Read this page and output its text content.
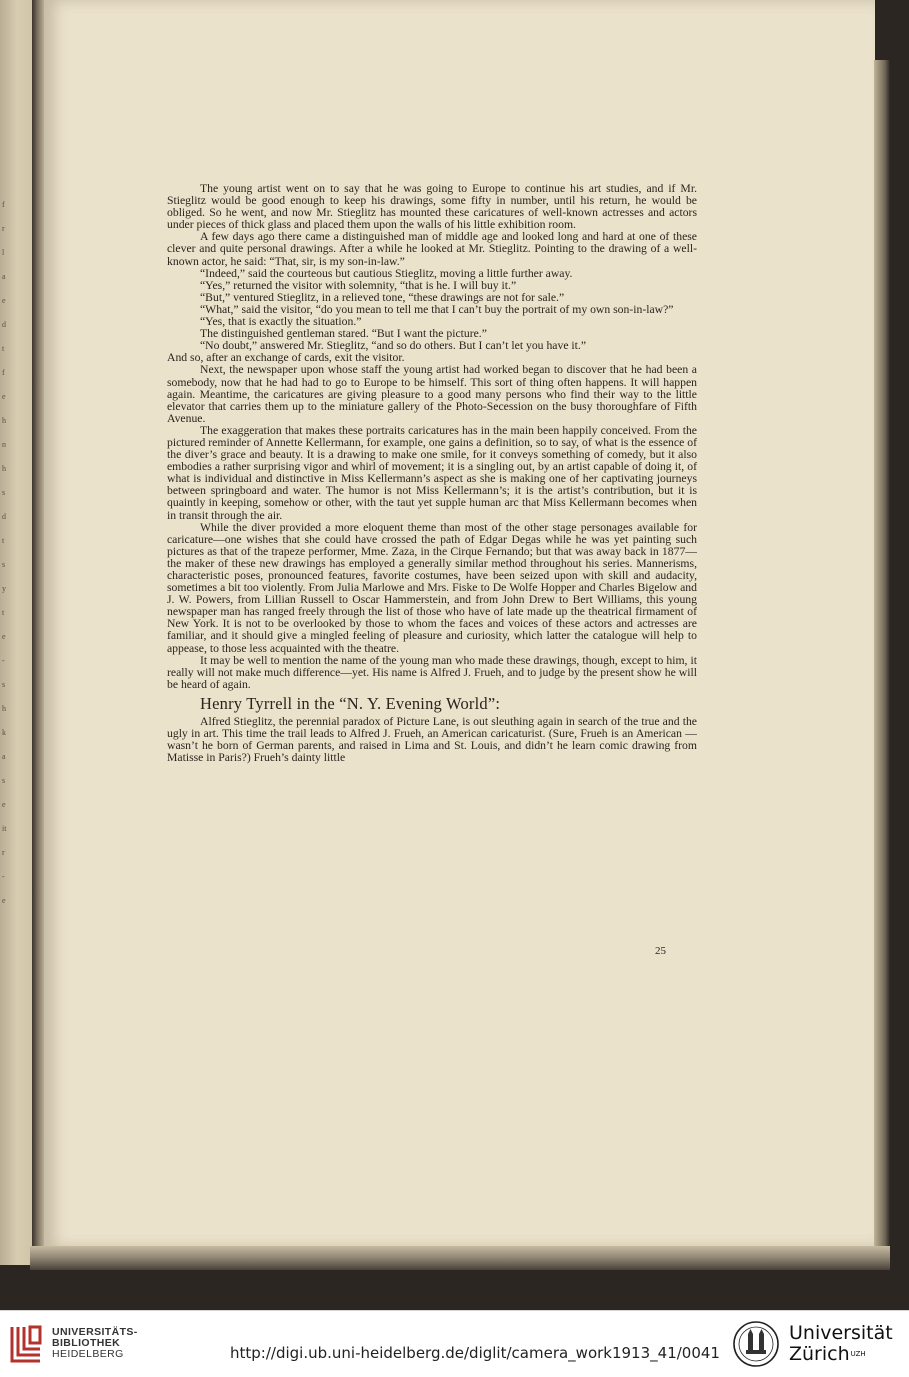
f
r
l
a
e
d
t
f
e
h
n
h
s
d
t
s
y
t
e
-
s
h
k
a
s
e
it
r
-
e

The young artist went on to say that he was going to Europe to continue his art studies, and if Mr. Stieglitz would be good enough to keep his drawings, some fifty in number, until his return, he would be obliged. So he went, and now Mr. Stieglitz has mounted these caricatures of well-known actresses and actors under pieces of thick glass and placed them upon the walls of his little exhibition room.

A few days ago there came a distinguished man of middle age and looked long and hard at one of these clever and quite personal drawings. After a while he looked at Mr. Stieglitz. Pointing to the drawing of a well-known actor, he said: “That, sir, is my son-in-law.”

“Indeed,” said the courteous but cautious Stieglitz, moving a little further away.

“Yes,” returned the visitor with solemnity, “that is he. I will buy it.”

“But,” ventured Stieglitz, in a relieved tone, “these drawings are not for sale.”

“What,” said the visitor, “do you mean to tell me that I can’t buy the portrait of my own son-in-law?”

“Yes, that is exactly the situation.”

The distinguished gentleman stared. “But I want the picture.”

“No doubt,” answered Mr. Stieglitz, “and so do others. But I can’t let you have it.”

And so, after an exchange of cards, exit the visitor.

Next, the newspaper upon whose staff the young artist had worked began to discover that he had been a somebody, now that he had had to go to Europe to be himself. This sort of thing often happens. It will happen again. Meantime, the caricatures are giving pleasure to a good many persons who find their way to the little elevator that carries them up to the miniature gallery of the Photo-Secession on the busy thoroughfare of Fifth Avenue.

The exaggeration that makes these portraits caricatures has in the main been happily conceived. From the pictured reminder of Annette Kellermann, for example, one gains a definition, so to say, of what is the essence of the diver’s grace and beauty. It is a drawing to make one smile, for it conveys something of comedy, but it also embodies a rather surprising vigor and whirl of movement; it is a singling out, by an artist capable of doing it, of what is individual and distinctive in Miss Kellermann’s aspect as she is making one of her captivating journeys between springboard and water. The humor is not Miss Kellermann’s; it is the artist’s contribution, but it is quaintly in keeping, somehow or other, with the taut yet supple human arc that Miss Kellermann becomes when in transit through the air.

While the diver provided a more eloquent theme than most of the other stage personages available for caricature—one wishes that she could have crossed the path of Edgar Degas while he was yet painting such pictures as that of the trapeze performer, Mme. Zaza, in the Cirque Fernando; but that was away back in 1877—the maker of these new drawings has employed a generally similar method throughout his series. Mannerisms, characteristic poses, pronounced features, favorite costumes, have been seized upon with skill and audacity, sometimes a bit too violently. From Julia Marlowe and Mrs. Fiske to De Wolfe Hopper and Charles Bigelow and J. W. Powers, from Lillian Russell to Oscar Hammerstein, and from John Drew to Bert Williams, this young newspaper man has ranged freely through the list of those who have of late made up the theatrical firmament of New York. It is not to be overlooked by those to whom the faces and voices of these actors and actresses are familiar, and it should give a mingled feeling of pleasure and curiosity, which latter the catalogue will help to appease, to those less acquainted with the theatre.

It may be well to mention the name of the young man who made these drawings, though, except to him, it really will not make much difference—yet. His name is Alfred J. Frueh, and to judge by the present show he will be heard of again.

Henry Tyrrell in the “N. Y. Evening World”:

Alfred Stieglitz, the perennial paradox of Picture Lane, is out sleuthing again in search of the true and the ugly in art. This time the trail leads to Alfred J. Frueh, an American caricaturist. (Sure, Frueh is an American — wasn’t he born of German parents, and raised in Lima and St. Louis, and didn’t he learn comic drawing from Matisse in Paris?) Frueh’s dainty little

25
UNIVERSITÄTS-
BIBLIOTHEK
HEIDELBERG	http://digi.ub.uni-heidelberg.de/diglit/camera_work1913_41/0041
Universität
Zürich$^{UZH}$
